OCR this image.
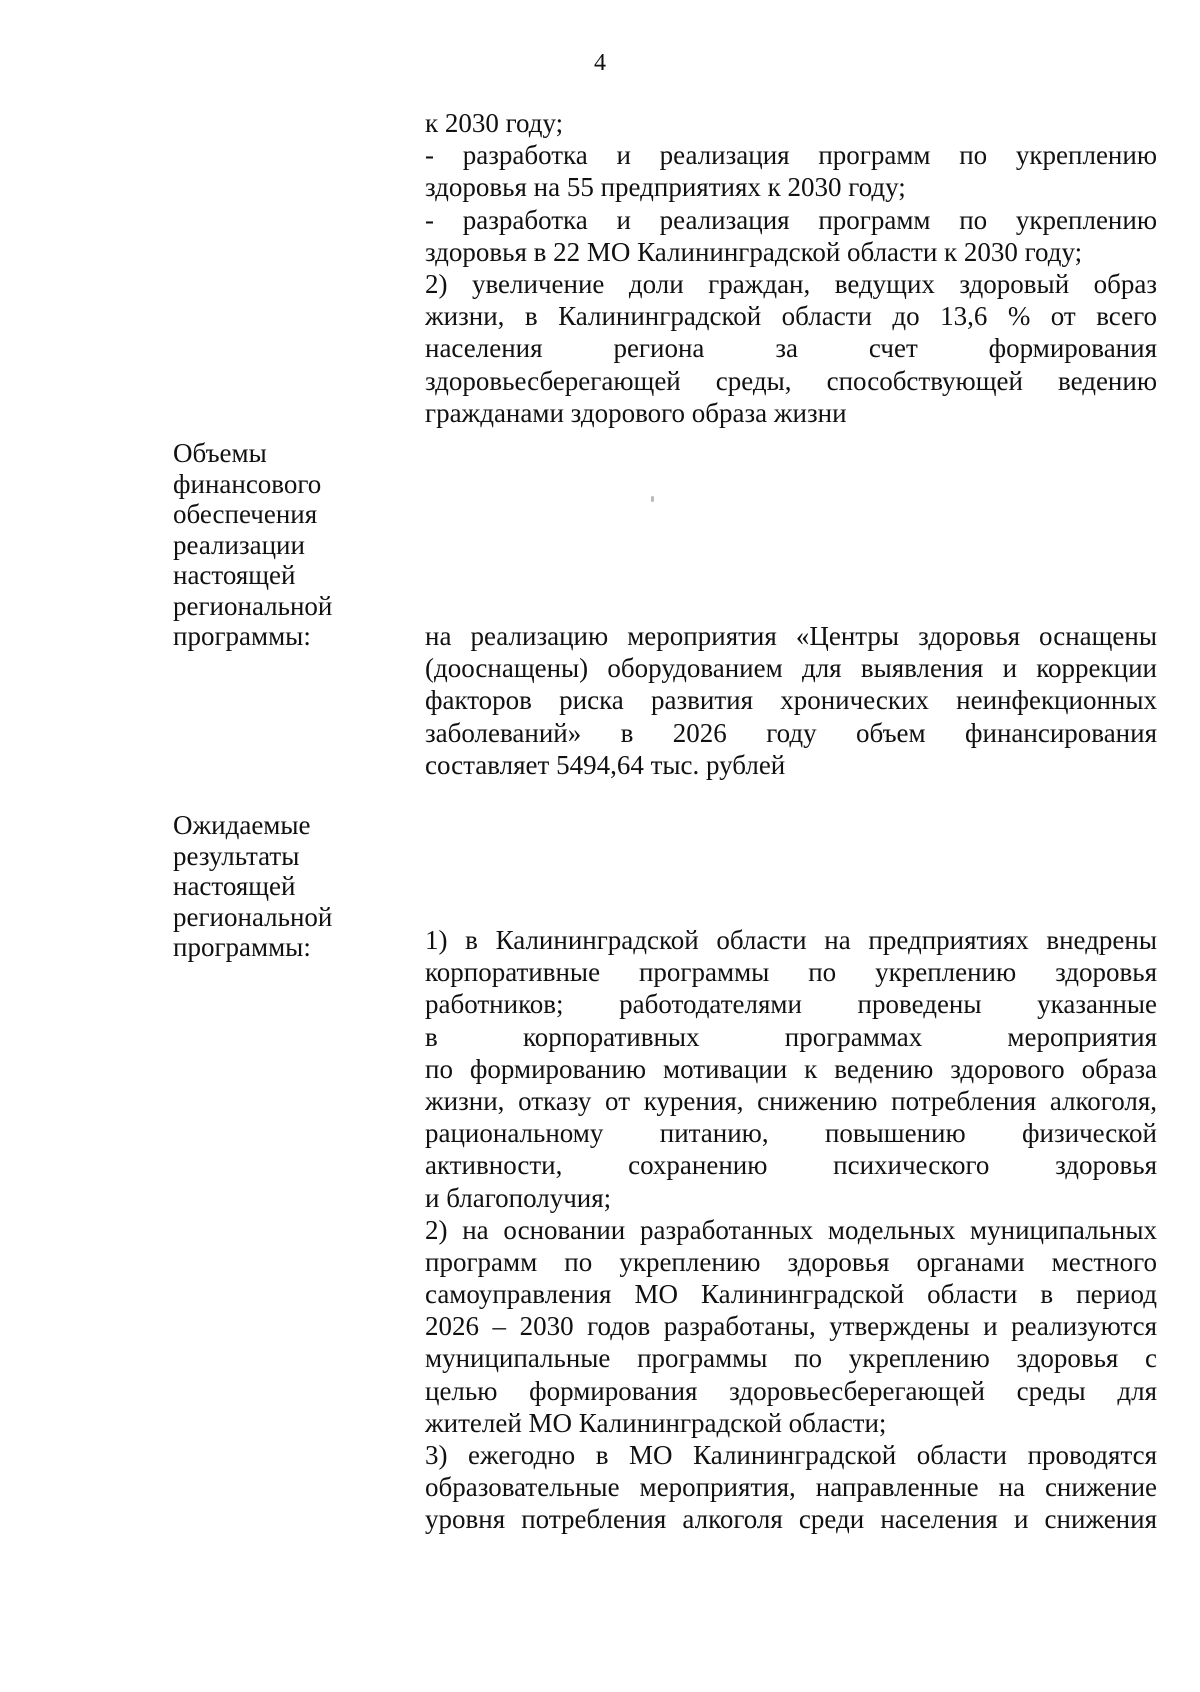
4
к 2030 году;
- разработка и реализация программ по укреплению
здоровья на 55 предприятиях к 2030 году;
- разработка и реализация программ по укреплению
здоровья в 22 МО Калининградской области к 2030 году;
2) увеличение доли граждан, ведущих здоровый образ
жизни, в Калининградской области до 13,6 % от всего
населения региона за счет формирования
здоровьесберегающей среды, способствующей ведению
гражданами здорового образа жизни
Объемы
финансового
обеспечения
реализации
настоящей
региональной
программы:	на реализацию мероприятия «Центры здоровья оснащены
(дооснащены) оборудованием для выявления и коррекции
факторов риска развития хронических неинфекционных
заболеваний» в 2026 году объем финансирования
составляет 5494,64 тыс. рублей
Ожидаемые
результаты
настоящей
региональной
программы:	1) в Калининградской области на предприятиях внедрены
корпоративные программы по укреплению здоровья
работников; работодателями проведены указанные
в корпоративных программах мероприятия
по формированию мотивации к ведению здорового образа
жизни, отказу от курения, снижению потребления алкоголя,
рациональному питанию, повышению физической
активности, сохранению психического здоровья
и благополучия;
2) на основании разработанных модельных муниципальных
программ по укреплению здоровья органами местного
самоуправления МО Калининградской области в период
2026 – 2030 годов разработаны, утверждены и реализуются
муниципальные программы по укреплению здоровья с
целью формирования здоровьесберегающей среды для
жителей МО Калининградской области;
3) ежегодно в МО Калининградской области проводятся
образовательные мероприятия, направленные на снижение
уровня потребления алкоголя среди населения и снижения
